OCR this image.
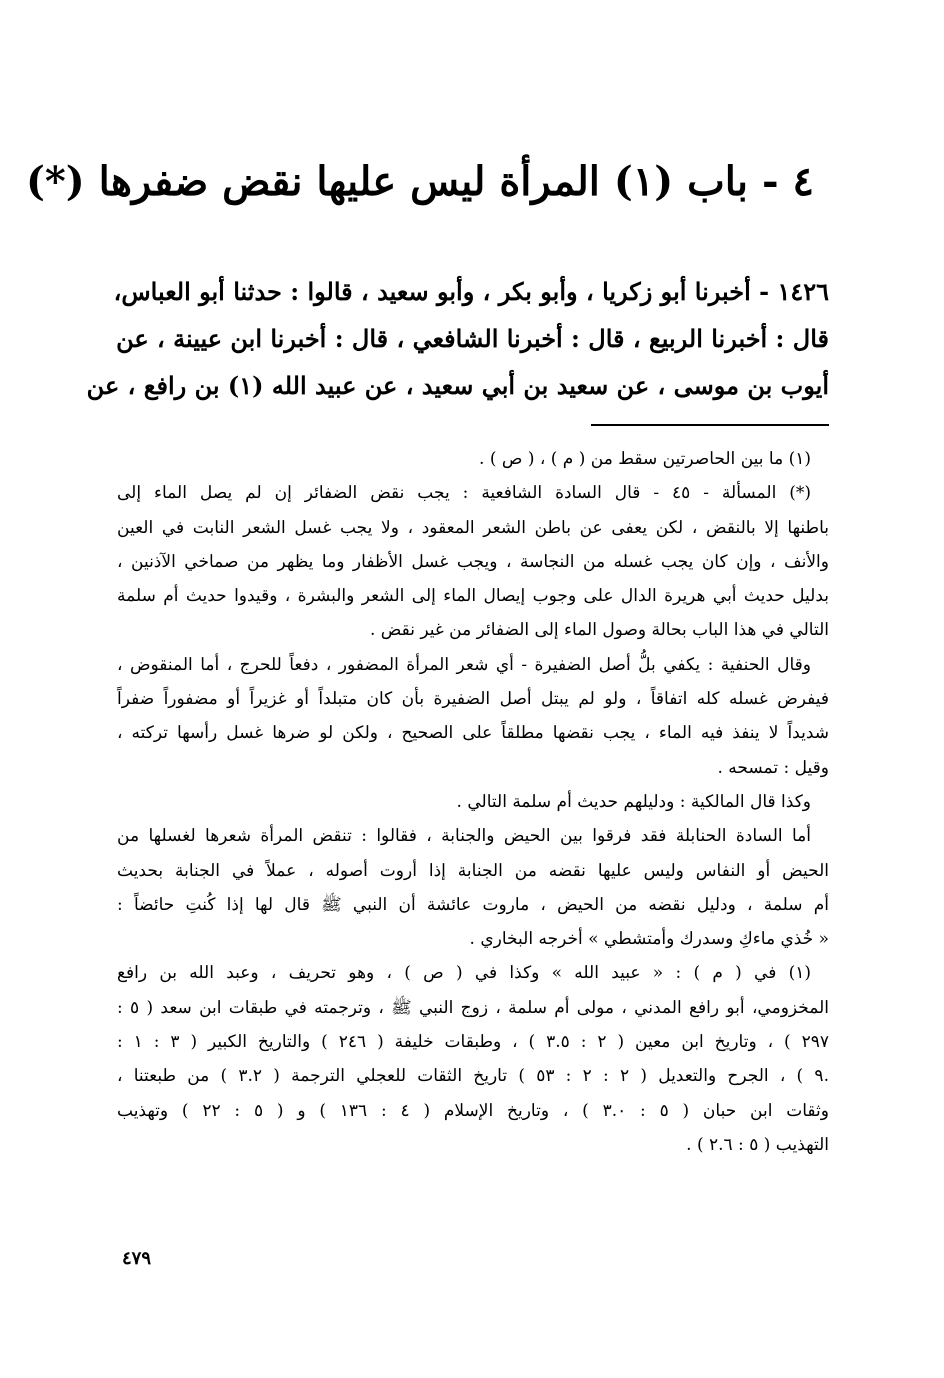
٤ - باب (١) المرأة ليس عليها نقض ضفرها (*)
١٤٢٦ - أخبرنا أبو زكريا ، وأبو بكر ، وأبو سعيد ، قالوا : حدثنا أبو العباس،
قال : أخبرنا الربيع ، قال : أخبرنا الشافعي ، قال : أخبرنا ابن عيينة ، عن
أيوب بن موسى ، عن سعيد بن أبي سعيد ، عن عبيد الله (١) بن رافع ، عن
(١) ما بين الحاصرتين سقط من ( م ) ، ( ص ) .
(*) المسألة - ٤٥ - قال السادة الشافعية : يجب نقض الضفائر إن لم يصل الماء إلى
باطنها إلا بالنقض ، لكن يعفى عن باطن الشعر المعقود ، ولا يجب غسل الشعر النابت في العين
والأنف ، وإن كان يجب غسله من النجاسة ، ويجب غسل الأظفار وما يظهر من صماخي الآذنين ،
بدليل حديث أبي هريرة الدال على وجوب إيصال الماء إلى الشعر والبشرة ، وقيدوا حديث أم سلمة
التالي في هذا الباب بحالة وصول الماء إلى الضفائر من غير نقض .
وقال الحنفية : يكفي بلُّ أصل الضفيرة - أي شعر المرأة المضفور ، دفعاً للحرج ، أما المنقوض ،
فيفرض غسله كله اتفاقاً ، ولو لم يبتل أصل الضفيرة بأن كان متبلداً أو غزيراً أو مضفوراً ضفراً
شديداً لا ينفذ فيه الماء ، يجب نقضها مطلقاً على الصحيح ، ولكن لو ضرها غسل رأسها تركته ،
وقيل : تمسحه .
وكذا قال المالكية : ودليلهم حديث أم سلمة التالي .
أما السادة الحنابلة فقد فرقوا بين الحيض والجنابة ، فقالوا : تنقض المرأة شعرها لغسلها من
الحيض أو النفاس وليس عليها نقضه من الجنابة إذا أروت أصوله ، عملاً في الجنابة بحديث
أم سلمة ، ودليل نقضه من الحيض ، ماروت عائشة أن النبي ﷺ قال لها إذا كُنتِ حائضاً :
« خُذي ماءكِ وسدرك وأمتشطي » أخرجه البخاري .
(١) في ( م ) : « عبيد الله » وكذا في ( ص ) ، وهو تحريف ، وعبد الله بن رافع
المخزومي، أبو رافع المدني ، مولى أم سلمة ، زوج النبي ﷺ ، وترجمته في طبقات ابن سعد ( ٥ :
٢٩٧ ) ، وتاريخ ابن معين ( ٢ : ٣.٥ ) ، وطبقات خليفة ( ٢٤٦ ) والتاريخ الكبير ( ٣ : ١ :
.٩ ) ، الجرح والتعديل ( ٢ : ٢ : ٥٣ ) تاريخ الثقات للعجلي الترجمة ( ٣.٢ ) من طبعتنا ،
وثقات ابن حبان ( ٥ : ٣.٠ ) ، وتاريخ الإسلام ( ٤ : ١٣٦ ) و ( ٥ : ٢٢ ) وتهذيب
التهذيب ( ٥ : ٢.٦ ) .
٤٧٩
